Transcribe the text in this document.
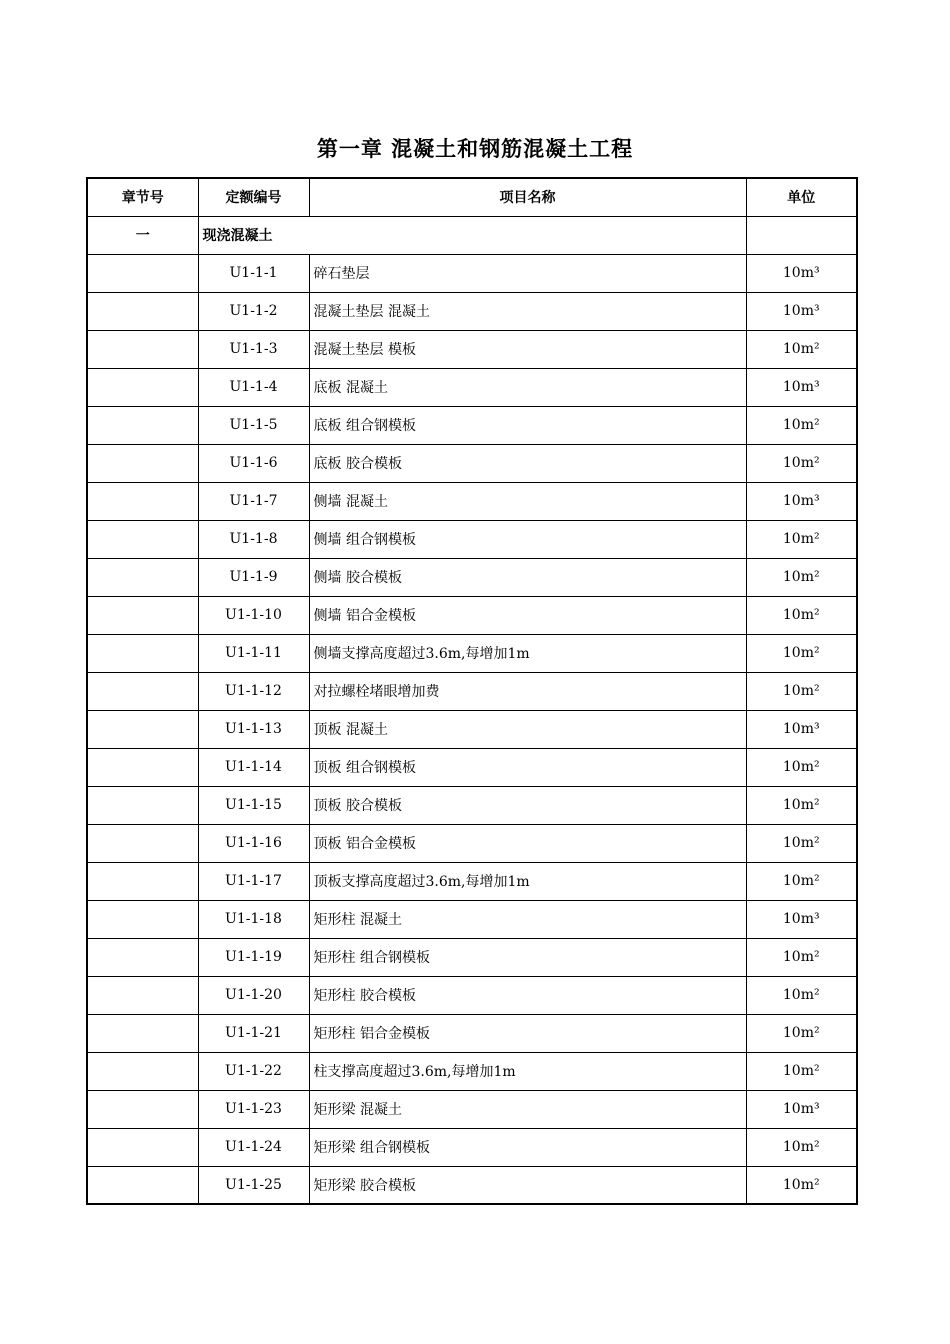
第一章 混凝土和钢筋混凝土工程
章节号	定额编号	项目名称	单位
一	现浇混凝土		
	U1-1-1	碎石垫层	10m³
	U1-1-2	混凝土垫层 混凝土	10m³
	U1-1-3	混凝土垫层 模板	10m²
	U1-1-4	底板 混凝土	10m³
	U1-1-5	底板 组合钢模板	10m²
	U1-1-6	底板 胶合模板	10m²
	U1-1-7	侧墙 混凝土	10m³
	U1-1-8	侧墙 组合钢模板	10m²
	U1-1-9	侧墙 胶合模板	10m²
	U1-1-10	侧墙 铝合金模板	10m²
	U1-1-11	侧墙支撑高度超过3.6m,每增加1m	10m²
	U1-1-12	对拉螺栓堵眼增加费	10m²
	U1-1-13	顶板 混凝土	10m³
	U1-1-14	顶板 组合钢模板	10m²
	U1-1-15	顶板 胶合模板	10m²
	U1-1-16	顶板 铝合金模板	10m²
	U1-1-17	顶板支撑高度超过3.6m,每增加1m	10m²
	U1-1-18	矩形柱 混凝土	10m³
	U1-1-19	矩形柱 组合钢模板	10m²
	U1-1-20	矩形柱 胶合模板	10m²
	U1-1-21	矩形柱 铝合金模板	10m²
	U1-1-22	柱支撑高度超过3.6m,每增加1m	10m²
	U1-1-23	矩形梁 混凝土	10m³
	U1-1-24	矩形梁 组合钢模板	10m²
	U1-1-25	矩形梁 胶合模板	10m²
